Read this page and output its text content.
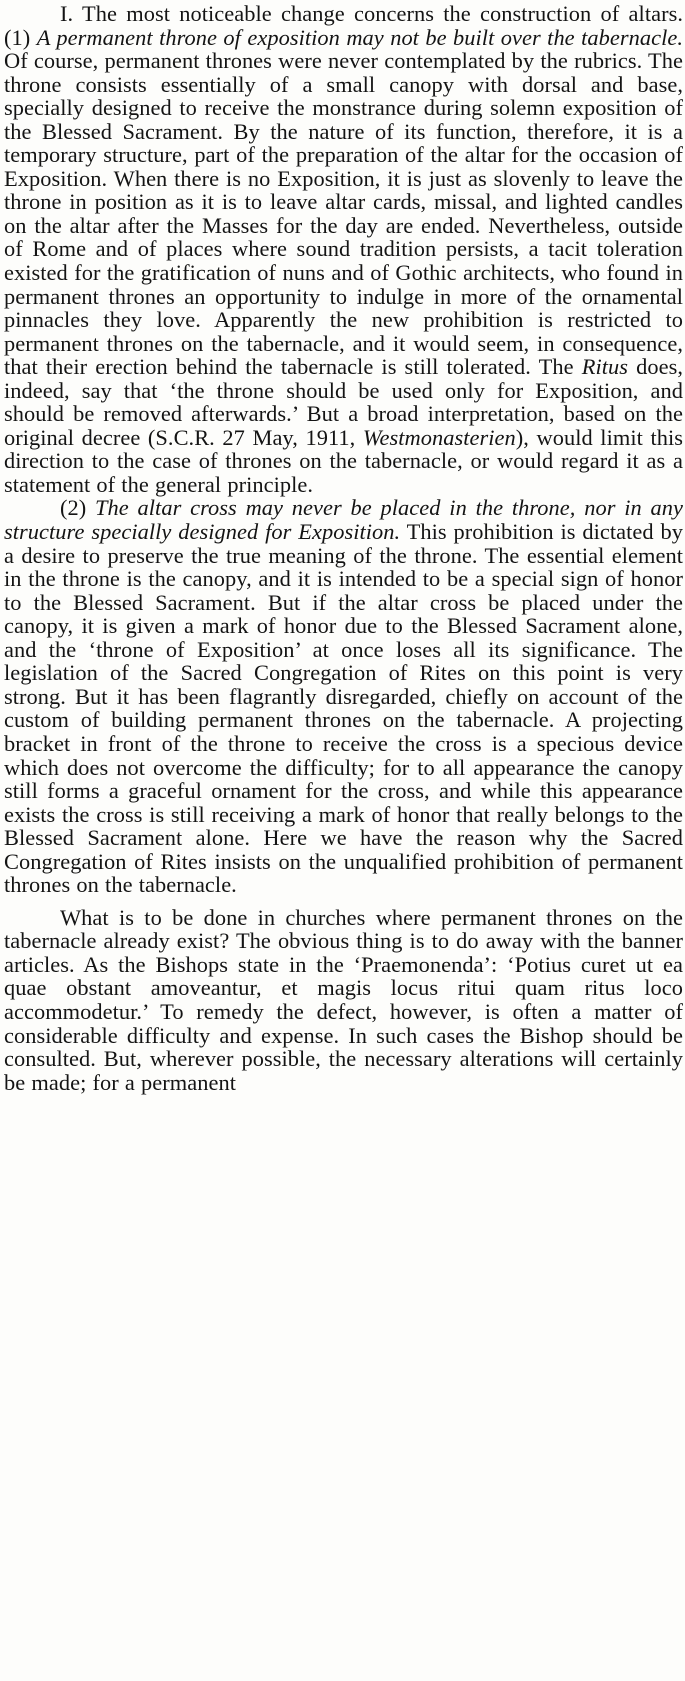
I. The most noticeable change concerns the construction of altars. (1) A permanent throne of exposition may not be built over the tabernacle. Of course, permanent thrones were never contemplated by the rubrics. The throne consists essentially of a small canopy with dorsal and base, specially designed to receive the monstrance during solemn exposition of the Blessed Sacrament. By the nature of its function, therefore, it is a temporary structure, part of the preparation of the altar for the occasion of Exposition. When there is no Exposition, it is just as slovenly to leave the throne in position as it is to leave altar cards, missal, and lighted candles on the altar after the Masses for the day are ended. Nevertheless, outside of Rome and of places where sound tradition persists, a tacit toleration existed for the gratification of nuns and of Gothic architects, who found in permanent thrones an opportunity to indulge in more of the ornamental pinnacles they love. Apparently the new prohibition is restricted to permanent thrones on the tabernacle, and it would seem, in consequence, that their erection behind the tabernacle is still tolerated. The Ritus does, indeed, say that ‘the throne should be used only for Exposition, and should be removed afterwards.’ But a broad interpretation, based on the original decree (S.C.R. 27 May, 1911, Westmonasterien), would limit this direction to the case of thrones on the tabernacle, or would regard it as a statement of the general principle.

(2) The altar cross may never be placed in the throne, nor in any structure specially designed for Exposition. This prohibition is dictated by a desire to preserve the true meaning of the throne. The essential element in the throne is the canopy, and it is intended to be a special sign of honor to the Blessed Sacrament. But if the altar cross be placed under the canopy, it is given a mark of honor due to the Blessed Sacrament alone, and the ‘throne of Exposition’ at once loses all its significance. The legislation of the Sacred Congregation of Rites on this point is very strong. But it has been flagrantly disregarded, chiefly on account of the custom of building permanent thrones on the tabernacle. A projecting bracket in front of the throne to receive the cross is a specious device which does not overcome the difficulty; for to all appearance the canopy still forms a graceful ornament for the cross, and while this appearance exists the cross is still receiving a mark of honor that really belongs to the Blessed Sacrament alone. Here we have the reason why the Sacred Congregation of Rites insists on the unqualified prohibition of permanent thrones on the tabernacle.

What is to be done in churches where permanent thrones on the tabernacle already exist? The obvious thing is to do away with the banner articles. As the Bishops state in the ‘Praemonenda’: ‘Potius curet ut ea quae obstant amoveantur, et magis locus ritui quam ritus loco accommodetur.’ To remedy the defect, however, is often a matter of considerable difficulty and expense. In such cases the Bishop should be consulted. But, wherever possible, the necessary alterations will certainly be made; for a permanent
